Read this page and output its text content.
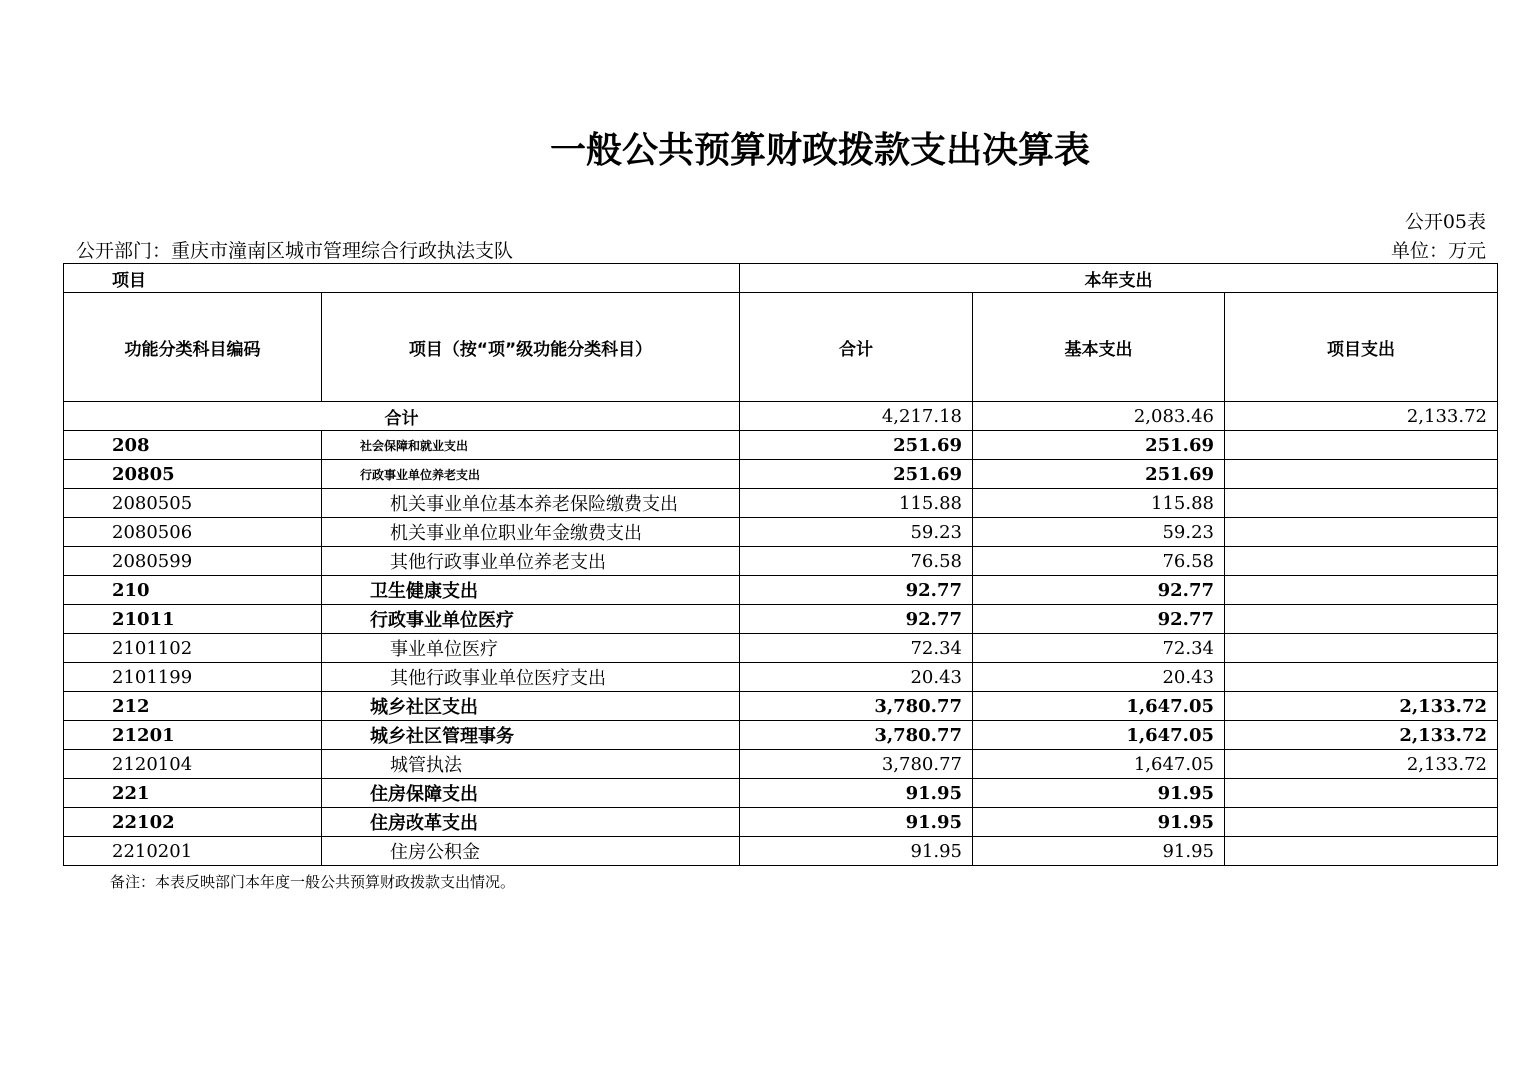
一般公共预算财政拨款支出决算表
公开05表
公开部门：重庆市潼南区城市管理综合行政执法支队	单位：万元
项目		本年支出		
功能分类科目编码	项目（按“项”级功能分类科目）	合计	基本支出	项目支出
合计		4,217.18	2,083.46	2,133.72
208	社会保障和就业支出	251.69	251.69	
20805	行政事业单位养老支出	251.69	251.69	
2080505	机关事业单位基本养老保险缴费支出	115.88	115.88	
2080506	机关事业单位职业年金缴费支出	59.23	59.23	
2080599	其他行政事业单位养老支出	76.58	76.58	
210	卫生健康支出	92.77	92.77	
21011	行政事业单位医疗	92.77	92.77	
2101102	事业单位医疗	72.34	72.34	
2101199	其他行政事业单位医疗支出	20.43	20.43	
212	城乡社区支出	3,780.77	1,647.05	2,133.72
21201	城乡社区管理事务	3,780.77	1,647.05	2,133.72
2120104	城管执法	3,780.77	1,647.05	2,133.72
221	住房保障支出	91.95	91.95	
22102	住房改革支出	91.95	91.95	
2210201	住房公积金	91.95	91.95	
备注：本表反映部门本年度一般公共预算财政拨款支出情况。
